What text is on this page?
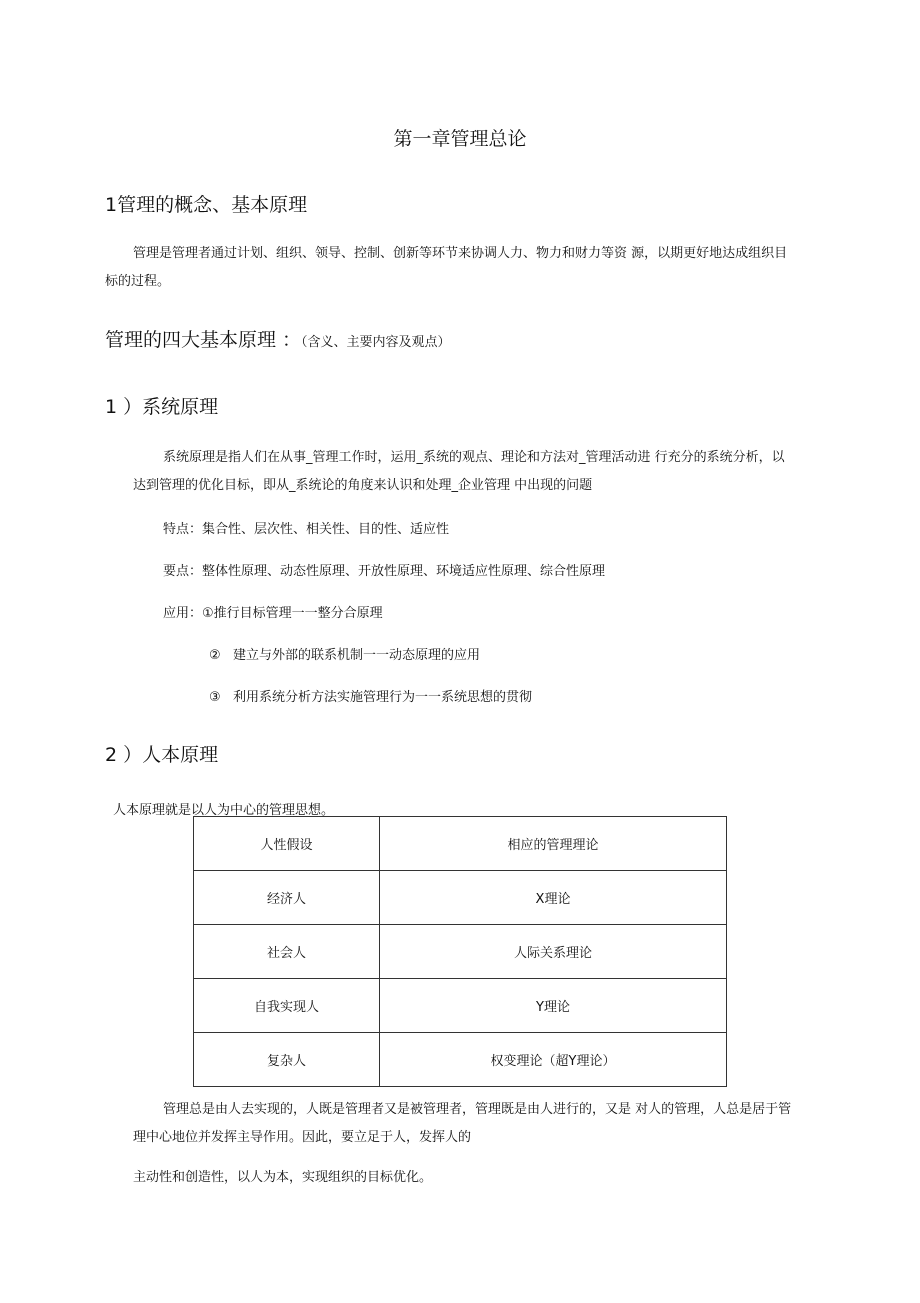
第一章管理总论
1管理的概念、基本原理
管理是管理者通过计划、组织、领导、控制、创新等环节来协调人力、物力和财力等资 源，以期更好地达成组织目
标的过程。
管理的四大基本原理 ：（含义、主要内容及观点）
1 ）系统原理
系统原理是指人们在从事_管理工作时，运用_系统的观点、理论和方法对_管理活动进 行充分的系统分析，以
达到管理的优化目标，即从_系统论的角度来认识和处理_企业管理 中出现的问题
特点：集合性、层次性、相关性、目的性、适应性
要点：整体性原理、动态性原理、开放性原理、环境适应性原理、综合性原理
应用：①推行目标管理一一整分合原理
②   建立与外部的联系机制一一动态原理的应用
③   利用系统分析方法实施管理行为一一系统思想的贯彻
2 ）人本原理
人本原理就是以人为中心的管理思想。
人性假设	相应的管理理论
经济人	X理论
社会人	人际关系理论
自我实现人	Y理论
复杂人	权变理论（超Y理论）
管理总是由人去实现的，人既是管理者又是被管理者，管理既是由人进行的，又是 对人的管理，人总是居于管
理中心地位并发挥主导作用。因此，要立足于人，发挥人的
主动性和创造性，以人为本，实现组织的目标优化。
